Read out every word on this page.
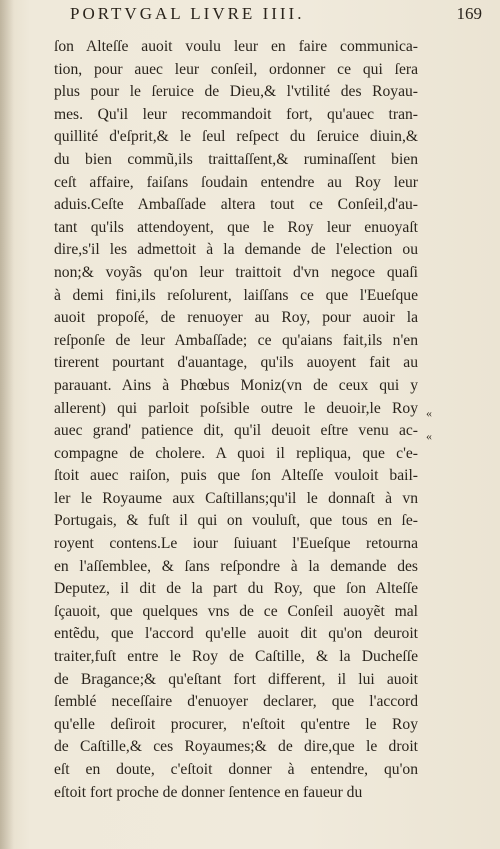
PORTVGAL LIVRE IIII.	169
ſon Alteſſe auoit voulu leur en faire communica-
tion, pour auec leur conſeil, ordonner ce qui ſera
plus pour le ſeruice de Dieu,& l'vtilité des Royau-
mes. Qu'il leur recommandoit fort, qu'auec tran-
quillité d'eſprit,& le ſeul reſpect du ſeruice diuin,&
du bien commũ,ils traittaſſent,& ruminaſſent bien
ceſt affaire, faiſans ſoudain entendre au Roy leur
aduis.Ceſte Ambaſſade altera tout ce Conſeil,d'au-
tant qu'ils attendoyent, que le Roy leur enuoyaſt
dire,s'il les admettoit à la demande de l'election ou
non;& voyãs qu'on leur traittoit d'vn negoce quaſi
à demi fini,ils reſolurent, laiſſans ce que l'Eueſque
auoit propoſé, de renuoyer au Roy, pour auoir la
reſponſe de leur Ambaſſade; ce qu'aians fait,ils n'en
tirerent pourtant d'auantage, qu'ils auoyent fait au
parauant. Ains à Phœbus Moniz(vn de ceux qui y
allerent) qui parloit poſsible outre le deuoir,le Roy
auec grand' patience dit, qu'il deuoit eſtre venu ac-
compagne de cholere. A quoi il repliqua, que c'e-
ſtoit auec raiſon, puis que ſon Alteſſe vouloit bail-
ler le Royaume aux Caſtillans;qu'il le donnaſt à vn
Portugais, & fuſt il qui on vouluſt, que tous en ſe-
royent contens.Le iour ſuiuant l'Eueſque retourna
en l'aſſemblee, & ſans reſpondre à la demande des
Deputez, il dit de la part du Roy, que ſon Alteſſe
ſçauoit, que quelques vns de ce Conſeil auoyẽt mal
entẽdu, que l'accord qu'elle auoit dit qu'on deuroit
traiter,fuſt entre le Roy de Caſtille, & la Ducheſſe
de Bragance;& qu'eſtant fort different, il lui auoit
ſemblé neceſſaire d'enuoyer declarer, que l'accord
qu'elle deſiroit procurer, n'eſtoit qu'entre le Roy
de Caſtille,& ces Royaumes;& de dire,que le droit
eſt en doute, c'eſtoit donner à entendre, qu'on
eſtoit fort proche de donner ſentence en faueur du
«
«
